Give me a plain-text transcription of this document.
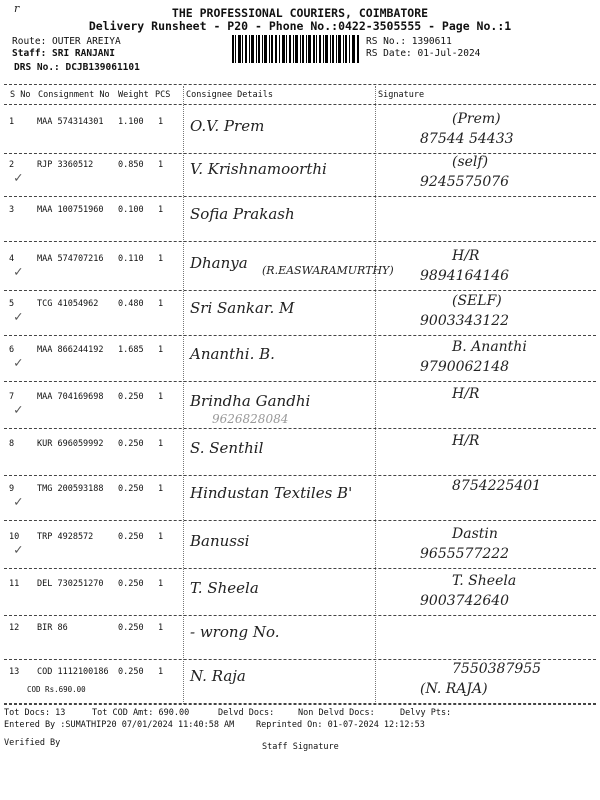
r	THE PROFESSIONAL COURIERS, COIMBATORE
Delivery Runsheet - P20 - Phone No.:0422-3505555 - Page No.:1
Route: OUTER AREIYA
Staff: SRI RANJANI
DRS No.: DCJB139061101
RS No.: 1390611
RS Date: 01-Jul-2024
S No Consignment No Weight PCS Consignee Details	Signature
1	MAA 574314301 1.100 1 O.V. Prem	(Prem)
87544 54433
2	RJP 3360512	0.850 1 V. Krishnamoorthi	(self)
9245575076
✓
3	MAA 100751960 0.100 1 Sofia Prakash
4	MAA 574707216 0.110 1 Dhanya	H/R
9894164146
(R.EASWARAMURTHY)
✓
5	TCG 41054962 0.480 1 Sri Sankar. M	(SELF)
9003343122
✓
6	MAA 866244192 1.685 1 Ananthi. B.	B. Ananthi
9790062148
✓
7	MAA 704169698 0.250 1 Brindha Gandhi	H/R
9626828084
✓
8	KUR 696059992 0.250 1 S. Senthil	H/R
9	TMG 200593188 0.250 1 Hindustan Textiles B'	8754225401
✓
10 TRP 4928572	0.250 1 Banussi	Dastin
9655577222
✓
11 DEL 730251270 0.250 1 T. Sheela	T. Sheela
9003742640
12 BIR 86	0.250 1 - wrong No.
13 COD 1112100186 0.250 1 N. Raja	7550387955
(N. RAJA)
COD Rs.690.00
Tot Docs: 13	Tot COD Amt: 690.00	Delvd Docs:	Non Delvd Docs:	Delvy Pts:
Entered By :SUMATHIP20 07/01/2024 11:40:58 AM	Reprinted On: 01-07-2024 12:12:53
Verified By	Staff Signature
